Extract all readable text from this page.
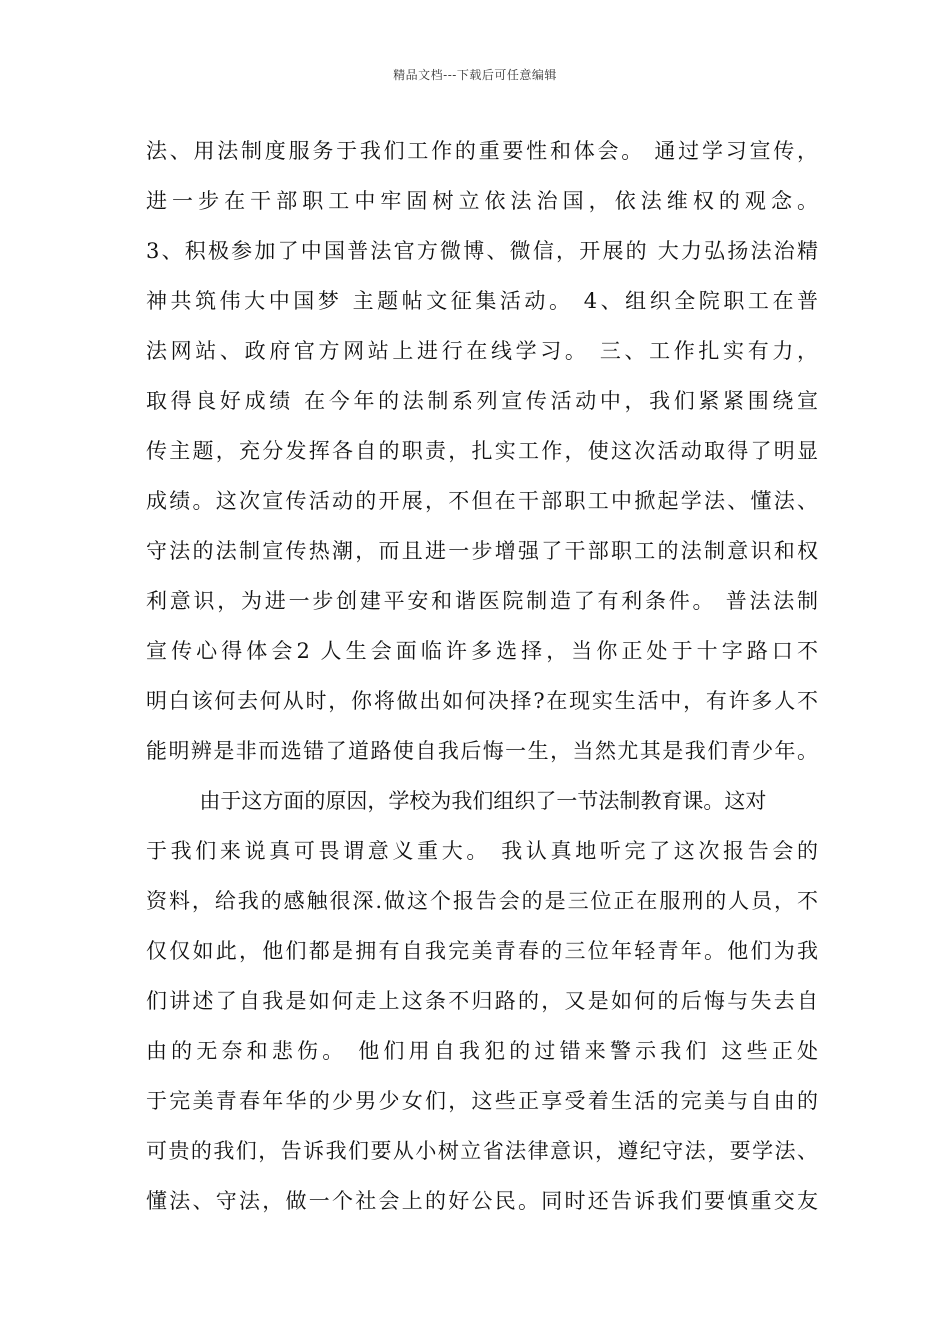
精品文档---下载后可任意编辑
法、用法制度服务于我们工作的重要性和体会。 通过学习宣传，
进一步在干部职工中牢固树立依法治国，依法维权的观念。
3、积极参加了中国普法官方微博、微信，开展的 大力弘扬法治精
神共筑伟大中国梦 主题帖文征集活动。 4、组织全院职工在普
法网站、政府官方网站上进行在线学习。 三、工作扎实有力，
取得良好成绩 在今年的法制系列宣传活动中，我们紧紧围绕宣
传主题，充分发挥各自的职责，扎实工作，使这次活动取得了明显
成绩。这次宣传活动的开展，不但在干部职工中掀起学法、懂法、
守法的法制宣传热潮，而且进一步增强了干部职工的法制意识和权
利意识，为进一步创建平安和谐医院制造了有利条件。 普法法制
宣传心得体会2 人生会面临许多选择，当你正处于十字路口不
明白该何去何从时，你将做出如何决择?在现实生活中，有许多人不
能明辨是非而选错了道路使自我后悔一生，当然尤其是我们青少年。
由于这方面的原因，学校为我们组织了一节法制教育课。这对
于我们来说真可畏谓意义重大。 我认真地听完了这次报告会的
资料，给我的感触很深.做这个报告会的是三位正在服刑的人员，不
仅仅如此，他们都是拥有自我完美青春的三位年轻青年。他们为我
们讲述了自我是如何走上这条不归路的，又是如何的后悔与失去自
由的无奈和悲伤。 他们用自我犯的过错来警示我们 这些正处
于完美青春年华的少男少女们，这些正享受着生活的完美与自由的
可贵的我们，告诉我们要从小树立省法律意识，遵纪守法，要学法、
懂法、守法，做一个社会上的好公民。同时还告诉我们要慎重交友
